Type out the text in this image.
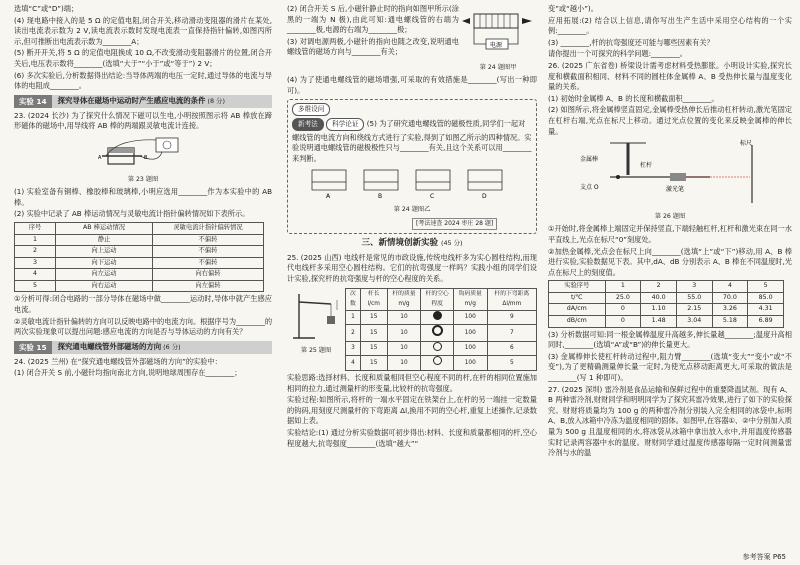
选填“C”或“D”)端；

(4) 现电路中接入的是 5 Ω 的定值电阻,闭合开关,移动滑动变阻器的滑片在某处,读出电流表示数为 2 V,读电流表示数时发现电流表一直保持指针偏转,如图丙所示,但可推断出电流表示数为________A；

(5) 断开开关,将 5 Ω 的定值电阻换成 10 Ω,不改变滑动变阻器滑片的位置,闭合开关后,电压表示数将________(选填“大于”“小于”或“等于”) 2 V；

(6) 多次实验后,分析数据得出结论:当导体两端的电压一定时,通过导体的电流与导体的电阻成________。

实验 14	探究导体在磁场中运动时产生感应电流的条件 (8 分)

23. (2024 长沙) 为了探究什么情况下磁可以生电,小明按照图示将 AB 棒放在蹄形磁体的磁场中,用导线将 AB 棒的两端跟灵敏电流计连接。

A	B
第 23 题图

(1) 实验室备有铜棒、橡胶棒和玻璃棒,小明应选用________作为本实验中的 AB 棒。

(2) 实验中记录了 AB 棒运动情况与灵敏电流计指针偏转情况如下表所示。

序号	AB 棒运动情况	灵敏电流计指针偏转情况
1	静止	不偏转
2	向上运动	不偏转
3	向下运动	不偏转
4	向左运动	向右偏转
5	向右运动	向左偏转

①分析可得:闭合电路的一部分导体在磁场中做________运动时,导体中就产生感应电流。

②灵敏电流计指针偏转的方向可以反映电路中的电流方向。根据序号为________的两次实验现象可以提出问题:感应电流的方向是否与导体运动的方向有关？

实验 15	探究通电螺线管外部磁场的方向 (6 分)

24. (2025 兰州) 在“探究通电螺线管外部磁场的方向”的实验中：

(1) 闭合开关 S 前,小磁针均指向南北方向,说明地球周围存在________；

(2) 闭合开关 S 后,小磁针静止时的指向如图甲所示(涂黑的一端为 N 极),由此可知:通电螺线管的右端为________极,电源的右端为________极；

(3) 对调电源两极,小磁针的指向也随之改变,说明通电螺线管的磁场方向与________有关；

电源
第 24 题图甲

(4) 为了使通电螺线管的磁场增强,可采取的有效措施是________(写出一种即可)。

多维设问
新考法 科学论证 (5) 为了研究通电螺线管的磁极性质,同学们一起对螺线管的电流方向和绕线方式进行了实验,得到了如图乙所示的四种情况。实验说明通电螺线管的磁极极性只与________有关,且这个关系可以用________来判断。
A	B	C	D
第 24 题图乙
[考法速查 2024 枣庄 28 题]
三、新情境创新实验 (45 分)

25. (2025 山西) 电线杆是常见的市政设施,传统电线杆多为实心圆柱结构,而现代电线杆多采用空心圆柱结构。它们的抗弯强度一样吗？实践小组的同学们设计实验,探究杆的抗弯强度与杆的空心程度的关系。

第 25 题图
次数	杆长 l/cm	杆的质量 m/g	杆的空心程度	钩码质量 m/g	杆的下弯距离 Δl/mm
1	15	10		100	9
2	15	10		100	7
3	15	10		100	6
4	15	10		100	5

实验思路:选择材料、长度和质量相同但空心程度不同的杆,在杆的相同位置施加相同的拉力,通过测量杆的形变量,比较杆的抗弯强度。

实验过程:如图所示,将杆的一端水平固定在铁架台上,在杆的另一端挂一定数量的钩码,用刻度尺测量杆的下弯距离 Δl,换用不同的空心杆,重复上述操作,记录数据如上表。

实验结论:(1) 通过分析实验数据可初步得出:材料、长度和质量都相同的杆,空心程度越大,抗弯强度________(选填“越大”“

变”或“越小”)。

应用拓展:(2) 结合以上信息,请你写出生产生活中采用空心结构的一个实例:________。

(3) ________,杆的抗弯强度还可能与哪些因素有关？

请你提出一个可探究的科学问题:________。

26. (2025 广东省卷) 桥梁设计需考虑材料受热膨胀。小明设计实验,探究长度和横截面积相同、材料不同的圆柱体金属棒 A、B 受热伸长量与温度变化量的关系。

(1) 初始时金属棒 A、B 的长度和横截面积________。

(2) 如图所示,将金属棒竖直固定,金属棒受热伸长后推动杠杆转动,激光笔固定在杠杆右端,光点在标尺上移动。通过光点位置的变化来反映金属棒的伸长量。

金属棒
杠杆
支点 O	激光笔
标尺
第 26 题图

①开始时,将金属棒上端固定并保持竖直,下端轻触杠杆,杠杆和激光束在同一水平直线上,光点在标尺“0”刻度处。

②加热金属棒,光点会在标尺上向________(选填“上”或“下”)移动,用 A、B 棒进行实验,实验数据见下表。其中,dA、dB 分别表示 A、B 棒在不同温度时,光点在标尺上的刻度值。

实验序号	1	2	3	4	5
t/℃	25.0	40.0	55.0	70.0	85.0
dA/cm	0	1.10	2.15	3.26	4.31
dB/cm	0	1.48	3.04	5.18	6.89

(3) 分析数据可知:同一根金属棒温度升高越多,伸长量越________;温度升高相同时,________(选填“A”或“B”)的伸长量更大。

(3) 金属棒伸长使杠杆转动过程中,阻力臂________(选填“变大”“变小”或“不变”),为了更精确测量伸长量一定时,为使光点移动距离更大,可采取的做法是________(写 1 种即可)。

27. (2025 深圳) 雷冷剂是食品运输和保鲜过程中的重要降温试剂。现有 A、B 两种雷冷剂,财财同学和明明同学为了探究其雷冷效果,进行了如下的实验探究。财财将质量均为 100 g 的两种雷冷剂分别装入完全相同的冰袋中,标明 A、B,放入冰箱中冷冻为温度相同的固体。如图甲,在容器①、②中分别加入质量为 500 g 且温度相同的水,将冰袋从冰箱中拿出放入水中,并用温度传感器实时记录两容器中水的温度。财财同学通过温度传感器每隔一定时间测量雷冷剂与水的温

参考答案 P65
